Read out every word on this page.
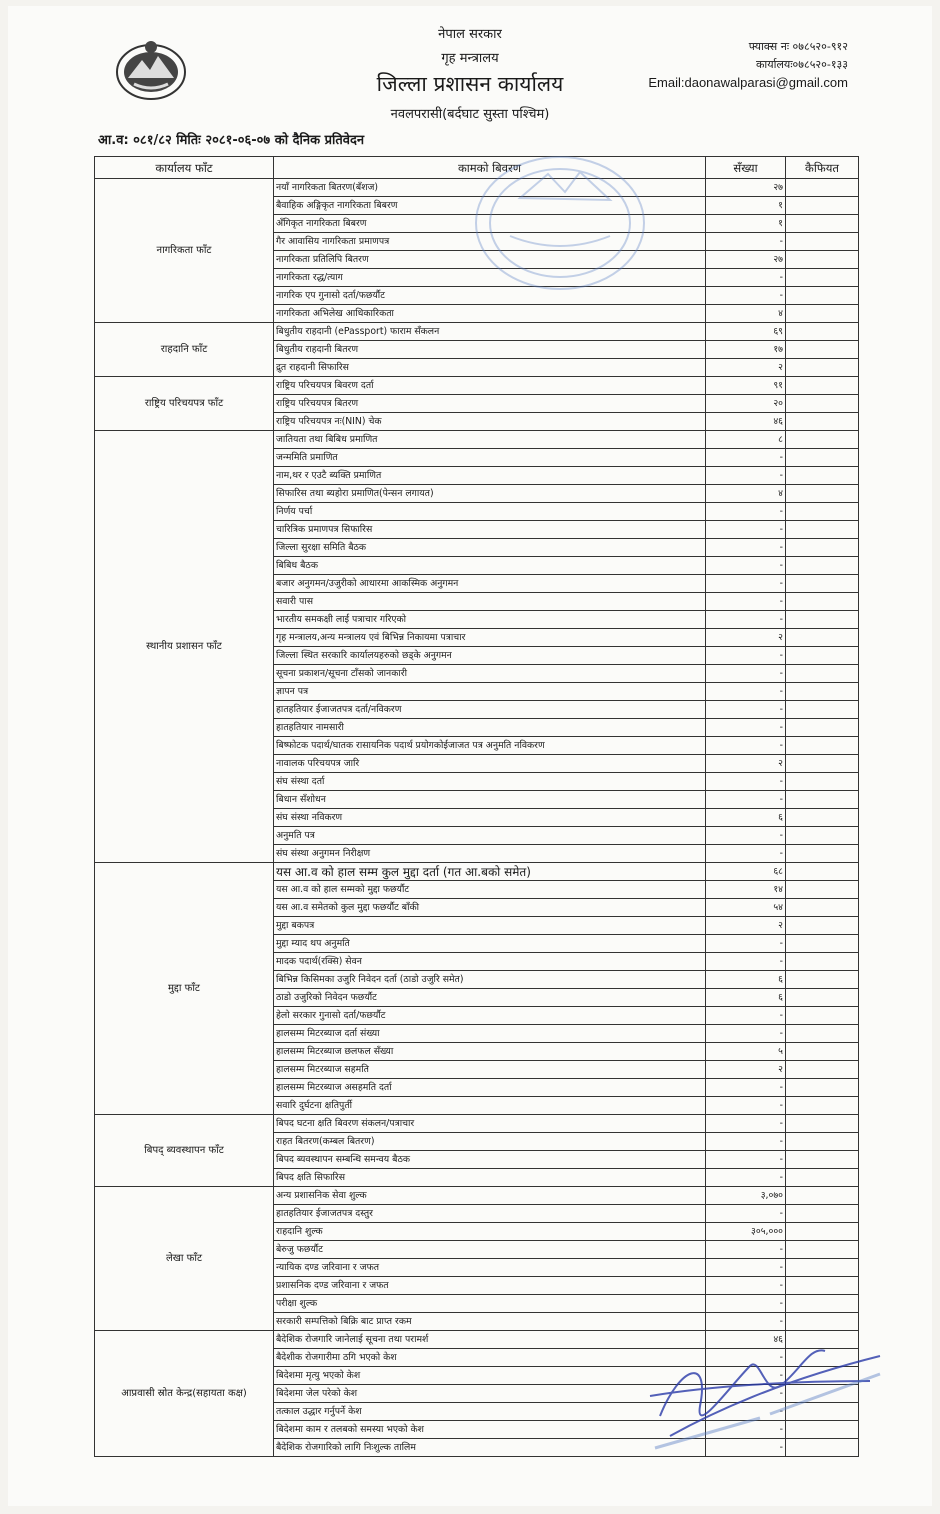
नेपाल सरकार
गृह मन्त्रालय
जिल्ला प्रशासन कार्यालय
नवलपरासी(बर्दघाट सुस्ता पश्चिम)
फ्याक्स नः ०७८५२०-९१२
कार्यालयः०७८५२०-१३३
Email:daonawalparasi@gmail.com
आ.व: ०८१/८२ मितिः २०८१-०६-०७ को दैनिक प्रतिवेदन
कार्यालय फाँट	कामको बिवरण	सँख्या	कैफियत
नागरिकता फाँट	नयाँ नागरिकता बितरण(बँशज)	२७	
	बैवाहिक अङ्गिकृत नागरिकता बिबरण	१	
	अँगिकृत नागरिकता बिबरण	१	
	गैर आवासिय नागरिकता प्रमाणपत्र	-	
	नागरिकता प्रतिलिपि बितरण	२७	
	नागरिकता रद्ध/त्याग	-	
	नागरिक एप गुनासो दर्ता/फछर्यौट	-	
	नागरिकता अभिलेख आधिकारिकता	४	
राहदानि फाँट	बिधुतीय राहदानी (ePassport) फाराम सँकलन	६९	
	बिधुतीय राहदानी बितरण	१७	
	द्रुत राहदानी सिफारिस	२	
राष्ट्रिय परिचयपत्र फाँट	राष्ट्रिय परिचयपत्र बिवरण दर्ता	९१	
	राष्ट्रिय परिचयपत्र बितरण	२०	
	राष्ट्रिय परिचयपत्र नः(NIN) चेक	४६	
स्थानीय प्रशासन फाँट	जातियता तथा बिबिध प्रमाणित	८	
	जन्ममिति प्रमाणित	-	
	नाम,थर र एउटै ब्यक्ति प्रमाणित	-	
	सिफारिस तथा ब्यहोरा प्रमाणित(पेन्सन लगायत)	४	
	निर्णय पर्चा	-	
	चारित्रिक प्रमाणपत्र सिफारिस	-	
	जिल्ला सुरक्षा समिति बैठक	-	
	बिबिध बैठक	-	
	बजार अनुगमन/उजुरीको आधारमा आकस्मिक अनुगमन	-	
	सवारी पास	-	
	भारतीय समकक्षी लाई पत्राचार गरिएको	-	
	गृह मन्त्रालय,अन्य मन्त्रालय एवं बिभिन्न निकायमा पत्राचार	२	
	जिल्ला स्थित सरकारि कार्यालयहरुको छड्के अनुगमन	-	
	सूचना प्रकाशन/सूचना टाँसको जानकारी	-	
	ज्ञापन पत्र	-	
	हातहतियार ईजाजतपत्र दर्ता/नविकरण	-	
	हातहतियार नामसारी	-	
	बिष्फोटक पदार्थ/घातक रासायनिक पदार्थ प्रयोगकोईजाजत पत्र अनुमति नविकरण	-	
	नावालक परिचयपत्र जारि	२	
	संघ संस्था दर्ता	-	
	बिधान सँशोधन	-	
	संघ संस्था नविकरण	६	
	अनुमति पत्र	-	
	संघ संस्था अनुगमन निरीक्षण	-	
मुद्दा फाँट	यस आ.व को हाल सम्म कुल मुद्दा दर्ता (गत आ.बको समेत)	६८	
	यस आ.व को हाल सम्मको मुद्दा फछर्यौट	१४	
	यस आ.व समेतको कुल मुद्दा फछर्यौट बाँकी	५४	
	मुद्दा बकपत्र	२	
	मुद्दा म्याद थप अनुमति	-	
	मादक पदार्थ(रक्सि) सेवन	-	
	बिभिन्न किसिमका उजुरि निवेदन दर्ता (ठाडो उजुरि समेत)	६	
	ठाडो उजुरिको निवेदन फछर्यौट	६	
	हेलो सरकार गुनासो दर्ता/फछर्यौट	-	
	हालसम्म मिटरब्याज दर्ता संख्या	-	
	हालसम्म मिटरब्याज छलफल सँख्या	५	
	हालसम्म मिटरब्याज सहमति	२	
	हालसम्म मिटरब्याज असहमति दर्ता	-	
	सवारि दुर्घटना क्षतिपुर्ती	-	
बिपद् ब्यवस्थापन फाँट	बिपद घटना क्षति बिवरण संकलन/पत्राचार	-	
	राहत बितरण(कम्बल बितरण)	-	
	बिपद ब्यवस्थापन सम्बन्धि समन्वय बैठक	-	
	बिपद क्षति सिफारिस	-	
लेखा फाँट	अन्य प्रशासनिक सेवा शुल्क	३,०७०	
	हातहतियार ईजाजतपत्र दस्तुर	-	
	राहदानि शुल्क	३०५,०००	
	बेरुजु फछर्यौट	-	
	न्यायिक दण्ड जरिवाना र जफत	-	
	प्रशासनिक दण्ड जरिवाना र जफत	-	
	परीक्षा शुल्क	-	
	सरकारी सम्पत्तिको बिक्रि बाट प्राप्त रकम	-	
आप्रवासी स्रोत केन्द्र(सहायता कक्ष)	बैदेशिक रोजगारि जानेलाई सूचना तथा परामर्श	४६	
	बैदेशीक रोजगारीमा ठगि भएको केश	-	
	बिदेशमा मृत्यु भएको केश	-	
	बिदेशमा जेल परेको केश	-	
	तत्काल उद्धार गर्नुपर्ने केश	-	
	बिदेशमा काम र तलबको समस्या भएको केश	-	
	बैदेशिक रोजगारिको लागि निःशुल्क तालिम	-	
